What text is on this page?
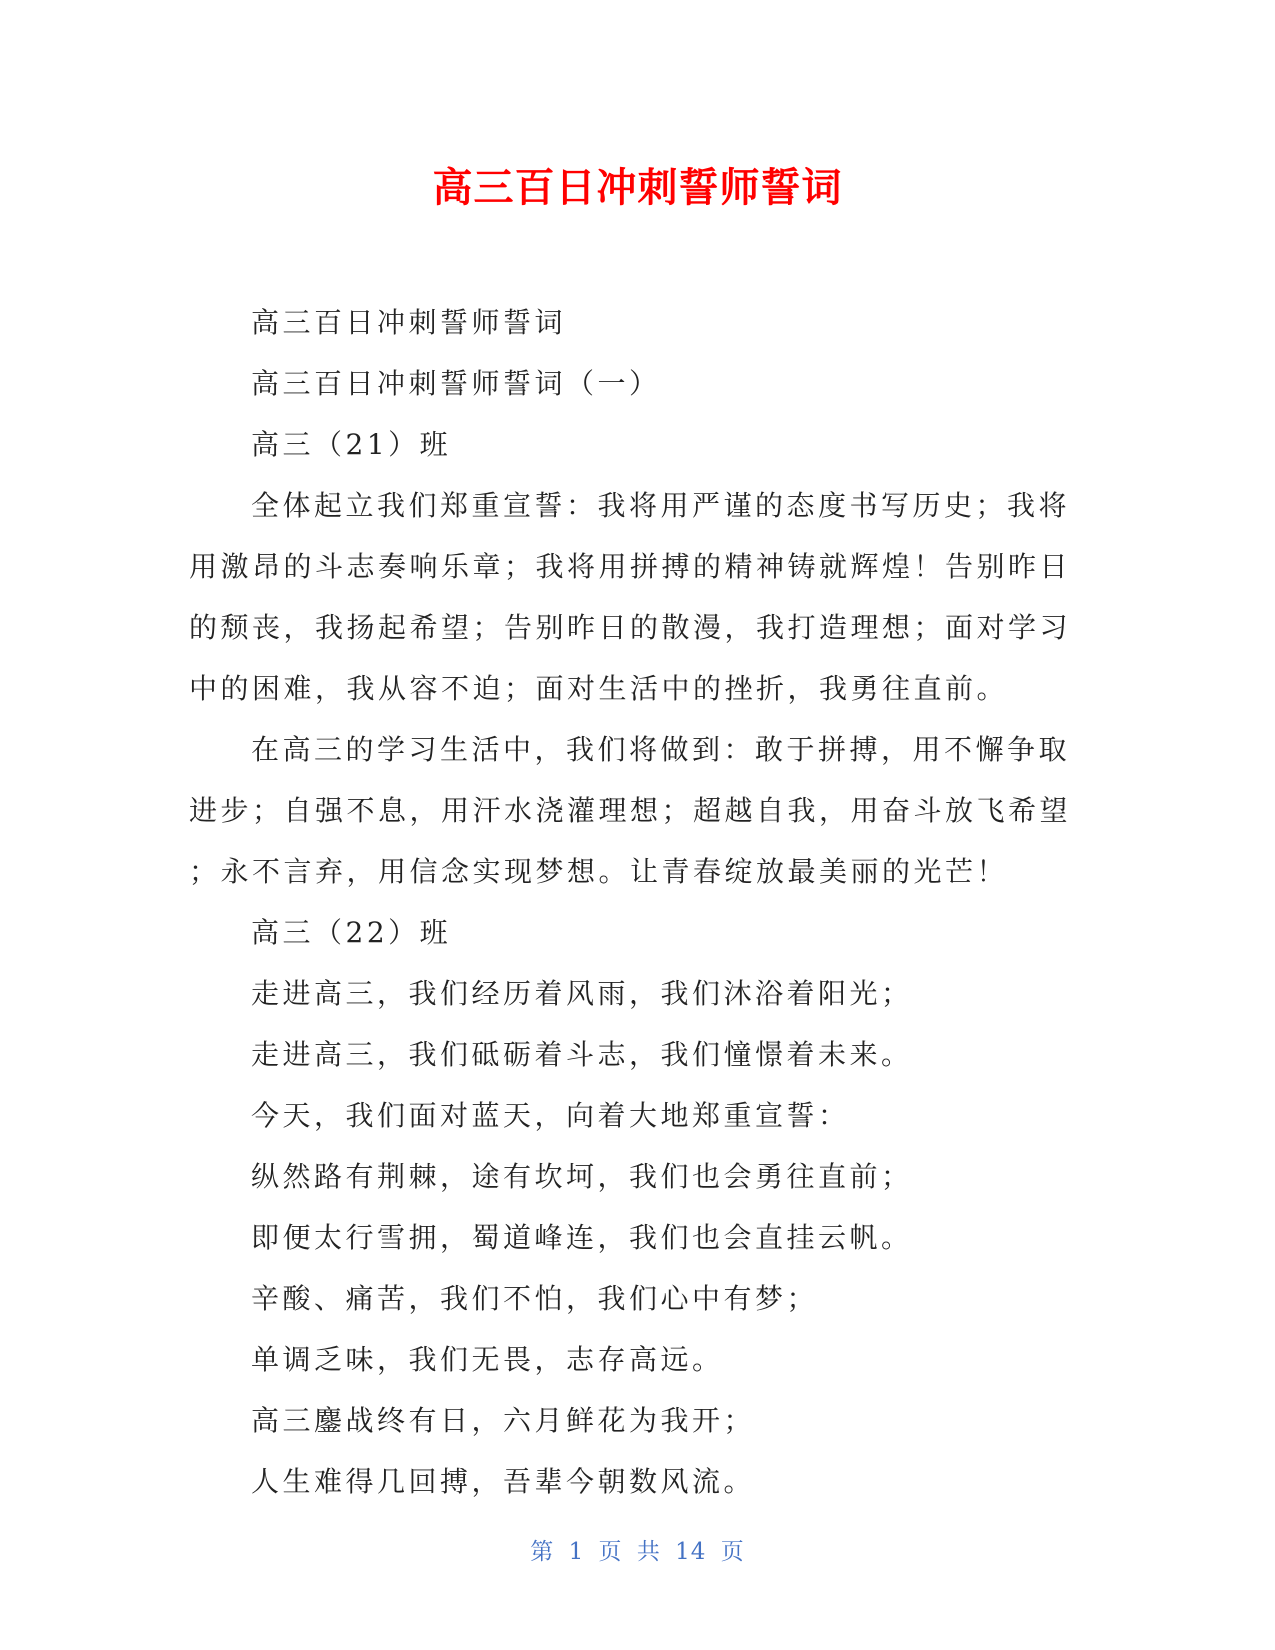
高三百日冲刺誓师誓词
高三百日冲刺誓师誓词
高三百日冲刺誓师誓词（一）
高三（21）班
全体起立我们郑重宣誓：我将用严谨的态度书写历史；我将
用激昂的斗志奏响乐章；我将用拼搏的精神铸就辉煌！告别昨日
的颓丧，我扬起希望；告别昨日的散漫，我打造理想；面对学习
中的困难，我从容不迫；面对生活中的挫折，我勇往直前。
在高三的学习生活中，我们将做到：敢于拼搏，用不懈争取
进步；自强不息，用汗水浇灌理想；超越自我，用奋斗放飞希望
；永不言弃，用信念实现梦想。让青春绽放最美丽的光芒！
高三（22）班
走进高三，我们经历着风雨，我们沐浴着阳光；
走进高三，我们砥砺着斗志，我们憧憬着未来。
今天，我们面对蓝天，向着大地郑重宣誓：
纵然路有荆棘，途有坎坷，我们也会勇往直前；
即便太行雪拥，蜀道峰连，我们也会直挂云帆。
辛酸、痛苦，我们不怕，我们心中有梦；
单调乏味，我们无畏，志存高远。
高三鏖战终有日，六月鲜花为我开；
人生难得几回搏，吾辈今朝数风流。
第 1 页 共 14 页
